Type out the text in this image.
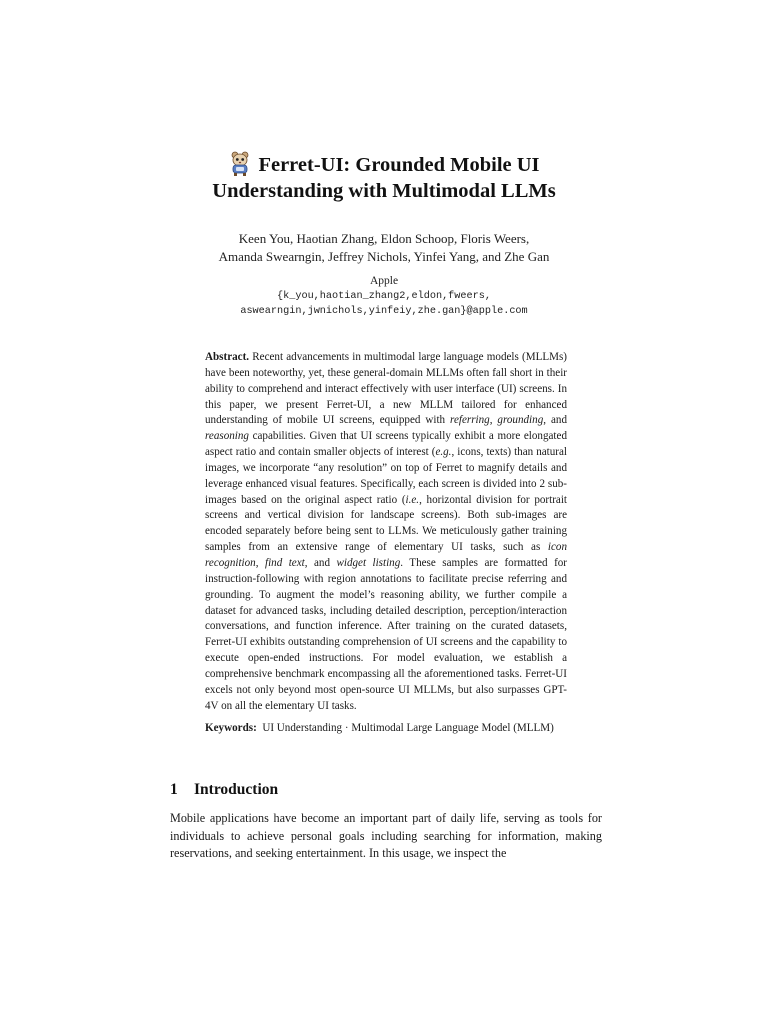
Ferret-UI: Grounded Mobile UI
Understanding with Multimodal LLMs
Keen You, Haotian Zhang, Eldon Schoop, Floris Weers,
Amanda Swearngin, Jeffrey Nichols, Yinfei Yang, and Zhe Gan
Apple
{k_you,haotian_zhang2,eldon,fweers,
aswearngin,jwnichols,yinfeiy,zhe.gan}@apple.com
Abstract. Recent advancements in multimodal large language models (MLLMs) have been noteworthy, yet, these general-domain MLLMs often fall short in their ability to comprehend and interact effectively with user interface (UI) screens. In this paper, we present Ferret-UI, a new MLLM tailored for enhanced understanding of mobile UI screens, equipped with referring, grounding, and reasoning capabilities. Given that UI screens typically exhibit a more elongated aspect ratio and contain smaller objects of interest (e.g., icons, texts) than natural images, we incorporate “any resolution” on top of Ferret to magnify details and leverage enhanced visual features. Specifically, each screen is divided into 2 sub-images based on the original aspect ratio (i.e., horizontal division for portrait screens and vertical division for landscape screens). Both sub-images are encoded separately before being sent to LLMs. We meticulously gather training samples from an extensive range of elementary UI tasks, such as icon recognition, find text, and widget listing. These samples are formatted for instruction-following with region annotations to facilitate precise referring and grounding. To augment the model’s reasoning ability, we further compile a dataset for advanced tasks, including detailed description, perception/interaction conversations, and function inference. After training on the curated datasets, Ferret-UI exhibits outstanding comprehension of UI screens and the capability to execute open-ended instructions. For model evaluation, we establish a comprehensive benchmark encompassing all the aforementioned tasks. Ferret-UI excels not only beyond most open-source UI MLLMs, but also surpasses GPT-4V on all the elementary UI tasks.
Keywords: UI Understanding · Multimodal Large Language Model (MLLM)
1 Introduction
Mobile applications have become an important part of daily life, serving as tools for individuals to achieve personal goals including searching for information, making reservations, and seeking entertainment. In this usage, we inspect the
